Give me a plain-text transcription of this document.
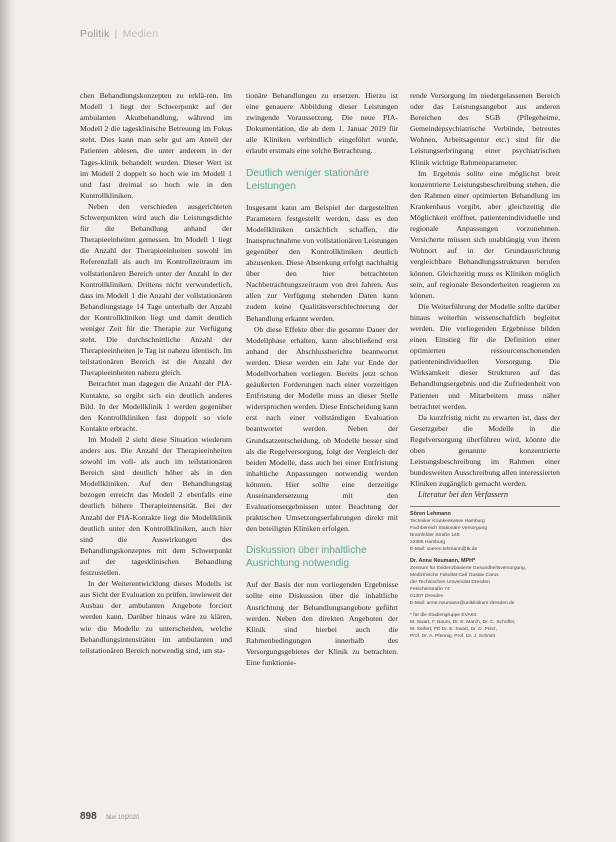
Politik | Medien

chen Behandlungskonzepten zu erklä-ren. Im Modell 1 liegt der Schwerpunkt auf der ambulanten Akutbehandlung, während im Modell 2 die tagesklinische Betreuung im Fokus steht. Dies kann man sehr gut am Anteil der Patienten ablesen, die unter anderem in der Tages-klinik behandelt wurden. Dieser Wert ist im Modell 2 doppelt so hoch wie im Modell 1 und fast dreimal so hoch wie in den Kontrollkliniken.

Neben den verschieden ausgerichteten Schwerpunkten wird auch die Leistungsdichte für die Behandlung anhand der Therapieeinheiten gemessen. Im Modell 1 liegt die Anzahl der Therapieeinheiten sowohl im Referenzfall als auch im Kontrollzeitraum im vollstationären Bereich unter der Anzahl in der Kontrollkliniken. Drittens nicht verwunderlich, dass im Modell 1 die Anzahl der vollstationären Behandlungstage 14 Tage unterhalb der Anzahl der Kontrollkliniken liegt und damit deutlich weniger Zeit für die Therapie zur Verfügung steht. Die durchschnittliche Anzahl der Therapieeinheiten je Tag ist nahezu identisch. Im teilstationären Bereich ist die Anzahl der Therapieeinheiten nahezu gleich.

Betrachtet man dagegen die Anzahl der PIA-Kontakte, so ergibt sich ein deutlich anderes Bild. In der Modellklinik 1 werden gegenüber den Kontrollkliniken fast doppelt so viele Kontakte erbracht.

Im Modell 2 sieht diese Situation wiederum anders aus. Die Anzahl der Therapieeinheiten sowohl im voll- als auch im teilstationären Bereich sind deutlich höher als in den Modellkliniken. Auf den Behandlungstag bezogen erreicht das Modell 2 ebenfalls eine deutlich höhere Therapieintensität. Bei der Anzahl der PIA-Kontakte liegt die Modellklinik deutlich unter den Kontrollkliniken, auch hier sind die Auswirkungen des Behandlungskonzeptes mit dem Schwerpunkt auf der tagesklinischen Behandlung festzustellen.

In der Weiterentwicklung dieses Modells ist aus Sicht der Evaluation zu prüfen, inwieweit der Ausbau der ambulanten Angebote forciert werden kann. Darüber hinaus wäre zu klären, wie die Modelle zu unterscheiden, welche Behandlungsintensitäten im ambulanten und teilstationären Bereich notwendig sind, um sta-

tionäre Behandlungen zu ersetzen. Hierzu ist eine genauere Abbildung dieser Leistungen zwingende Voraussetzung. Die neue PIA-Dokumentation, die ab dem 1. Januar 2019 für alle Kliniken verbindlich eingeführt wurde, erlaubt erstmals eine solche Betrachtung.

Deutlich weniger stationäre Leistungen

Insgesamt kann am Beispiel der dargestellten Parametern festgestellt werden, dass es den Modellkliniken tatsächlich schaffen, die Inanspruchnahme von vollstationären Leistungen gegenüber den Kontrollkliniken deutlich abzusenken. Diese Absenkung erfolgt nachhaltig über den hier betrachteten Nachbetrachtungszeitraum von drei Jahren. Aus allen zur Verfügung stehenden Daten kann zudem keine Qualitätsverschlechterung der Behandlung erkannt werden.

Ob diese Effekte über die gesamte Dauer der Modellphase erhalten, kann abschließend erst anhand der Abschlussberichte beantwortet werden. Diese werden ein Jahr vor Ende der Modellvorhaben vorliegen. Bereits jetzt schon geäußerten Forderungen nach einer vorzeitigen Entfristung der Modelle muss an dieser Stelle widersprochen werden. Diese Entscheidung kann erst nach einer vollständigen Evaluation beantwortet werden. Neben der Grundsatzentscheidung, ob Modelle besser sind als die Regelversorgung, folgt der Vergleich der beiden Modelle, dass auch bei einer Entfristung inhaltliche Anpassungen notwendig werden könnten. Hier sollte eine derzeitige Auseinandersetzung mit den Evaluationsergebnissen unter Beachtung der praktischen Umsetzungserfahrungen direkt mit den beteiligten Kliniken erfolgen.

Diskussion über inhaltliche Ausrichtung notwendig

Auf der Basis der nun vorliegenden Ergebnisse sollte eine Diskussion über die inhaltliche Ausrichtung der Behandlungsangebote geführt werden. Neben den direkten Angeboten der Klinik sind hierbei auch die Rahmenbedingungen innerhalb des Versorgungsgebietes der Klinik zu betrachten. Eine funktionie-

rende Versorgung im niedergelassenen Bereich oder das Leistungsangebot aus anderen Bereichen des SGB (Pflegeheime, Gemeindepsychiatrische Verbünde, betreutes Wohnen, Arbeitsagentur etc.) sind für die Leistungserbringung einer psychiatrischen Klinik wichtige Rahmenparameter.

Im Ergebnis sollte eine möglichst breit konzentrierte Leistungsbeschreibung stehen, die den Rahmen einer optimierten Behandlung im Krankenhaus vorgibt, aber gleichzeitig die Möglichkeit eröffnet, patientenindividuelle und regionale Anpassungen vorzunehmen. Versicherte müssen sich unabhängig von ihrem Wohnort auf in der Grundausrichtung vergleichbare Behandlungsstrukturen berufen können. Gleichzeitig muss es Kliniken möglich sein, auf regionale Besonderheiten reagieren zu können.

Die Weiterführung der Modelle sollte darüber hinaus weiterhin wissenschaftlich begleitet werden. Die vorliegenden Ergebnisse bilden einen Einstieg für die Definition einer optimierten ressourcenschonenden patientenindividuellen Versorgung. Die Wirksamkeit dieser Strukturen auf das Behandlungsergebnis und die Zufriedenheit von Patienten und Mitarbeitern muss näher betrachtet werden.

Da kurzfristig nicht zu erwarten ist, dass der Gesetzgeber die Modelle in die Regelversorgung überführen wird, könnte die oben genannte konzentrierte Leistungsbeschreibung im Rahmen einer bundesweiten Ausschreibung allen interessierten Kliniken zugänglich gemacht werden.

Literatur bei den Verfassern

Sören Lehmann
Techniker Krankenkasse Hamburg
Fachbereich Stationäre Versorgung
Bramfelder Straße 140
22305 Hamburg
E-Mail: soeren.lehmann@tk.de
Dr. Anne Neumann, MPH*
Zentrum für Evidenzbasierte Gesundheitsversorgung,
Medizinische Fakultät Carl Gustav Carus
der Technischen Universität Dresden
Fetscherstraße 74
01307 Dresden
E-Mail: anne.neumann@uniklinikum-dresden.de
* für die Studiengruppe EVA64:
M. Swart, F. Baum, Dr. E. March, Dr. C. Schoffer,
M. Seifert, PD Dr. E. Swart, Dr. D. Prinz,
Prof. Dr. A. Pfennig, Prof. Dr. J. Schmitt
898 f&w 10|2020
